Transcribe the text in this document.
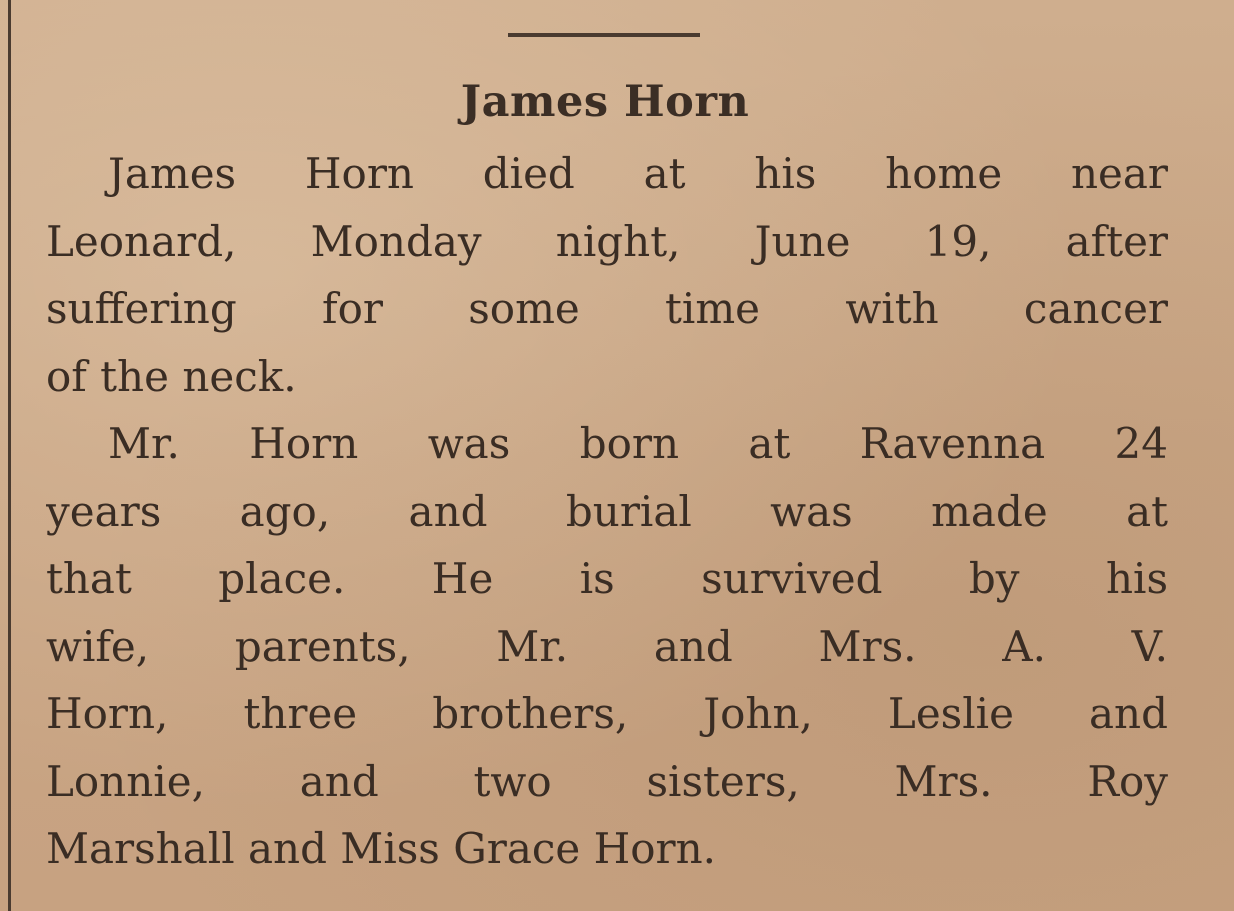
James Horn
James Horn died at his home near
Leonard, Monday night, June 19, after
suffering for some time with cancer
of the neck.
Mr. Horn was born at Ravenna 24
years ago, and burial was made at
that place. He is survived by his
wife, parents, Mr. and Mrs. A. V.
Horn, three brothers, John, Leslie and
Lonnie, and two sisters, Mrs. Roy
Marshall and Miss Grace Horn.
